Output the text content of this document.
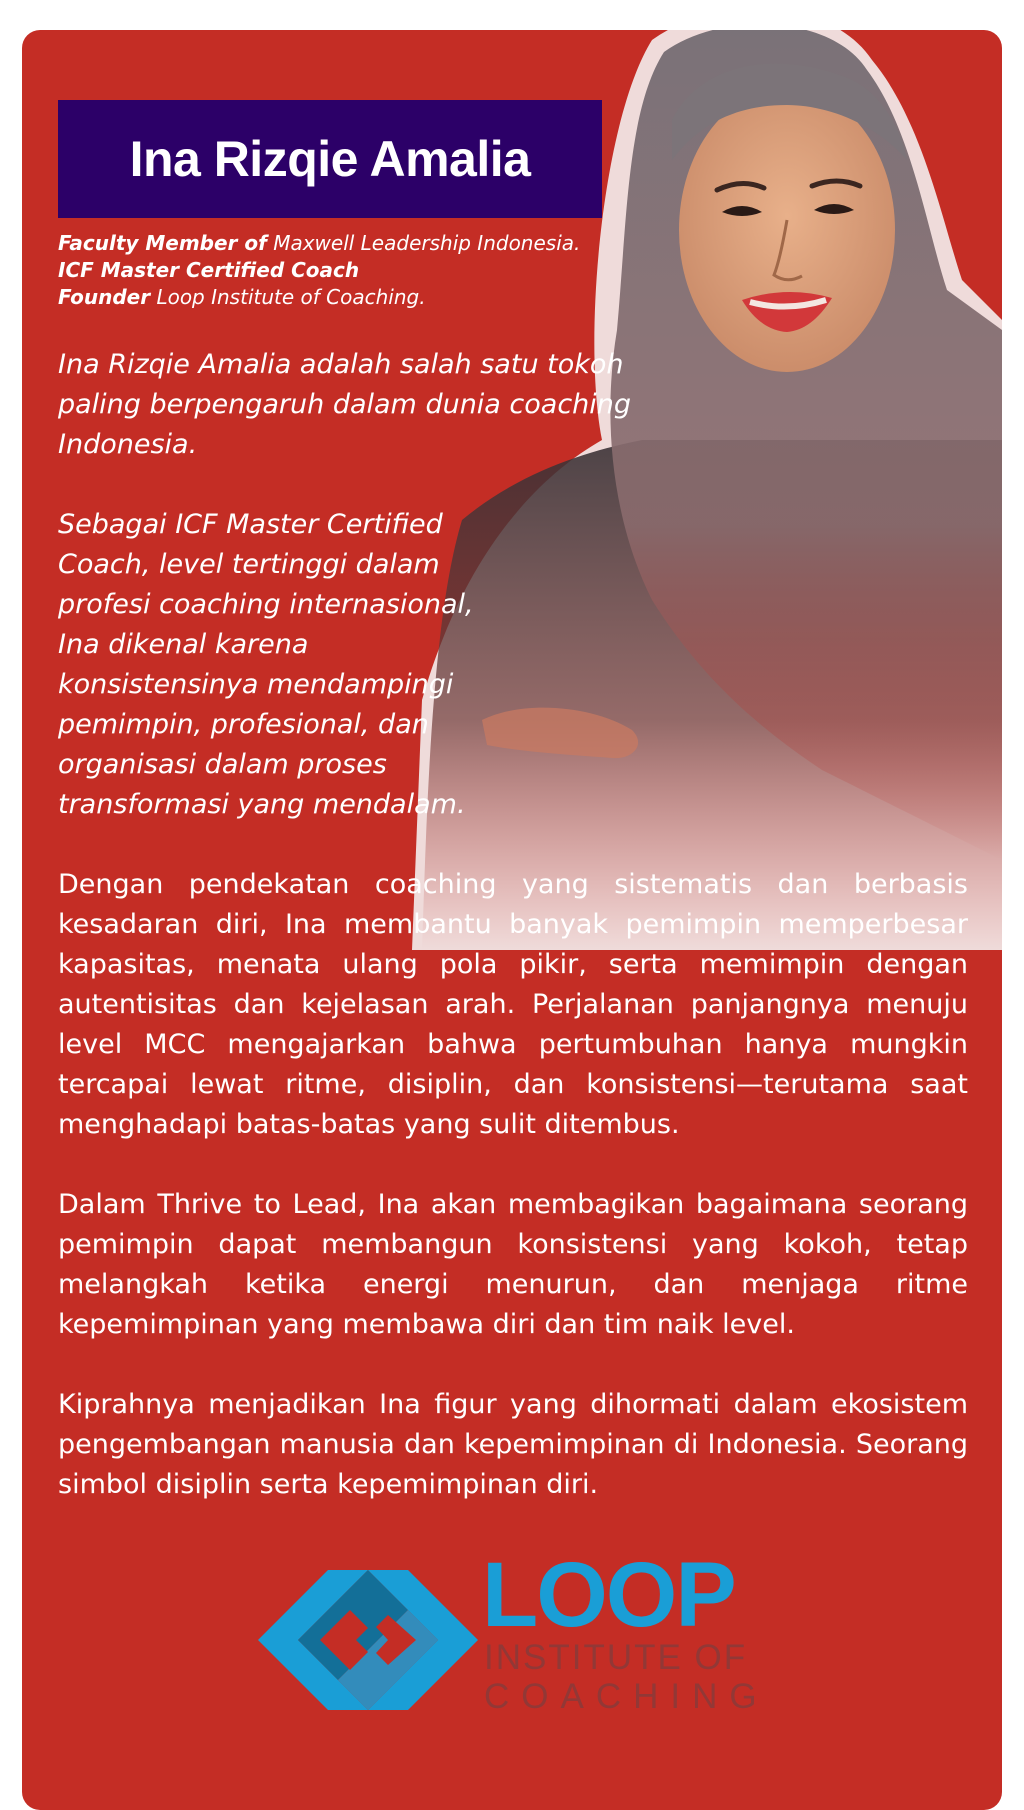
Ina Rizqie Amalia
Faculty Member of Maxwell Leadership Indonesia.
ICF Master Certified Coach
Founder Loop Institute of Coaching.

Ina Rizqie Amalia adalah salah satu tokoh
paling berpengaruh dalam dunia coaching
Indonesia.

Sebagai ICF Master Certified
Coach, level tertinggi dalam
profesi coaching internasional,
Ina dikenal karena
konsistensinya mendampingi
pemimpin, profesional, dan
organisasi dalam proses
transformasi yang mendalam.

Dengan pendekatan coaching yang sistematis dan berbasis kesadaran diri, Ina membantu banyak pemimpin memperbesar kapasitas, menata ulang pola pikir, serta memimpin dengan autentisitas dan kejelasan arah. Perjalanan panjangnya menuju level MCC mengajarkan bahwa pertumbuhan hanya mungkin tercapai lewat ritme, disiplin, dan konsistensi—terutama saat menghadapi batas-batas yang sulit ditembus.

Dalam Thrive to Lead, Ina akan membagikan bagaimana seorang pemimpin dapat membangun konsistensi yang kokoh, tetap melangkah ketika energi menurun, dan menjaga ritme kepemimpinan yang membawa diri dan tim naik level.

Kiprahnya menjadikan Ina figur yang dihormati dalam ekosistem pengembangan manusia dan kepemimpinan di Indonesia. Seorang simbol disiplin serta kepemimpinan diri.

LOOP
INSTITUTE OF
COACHING
